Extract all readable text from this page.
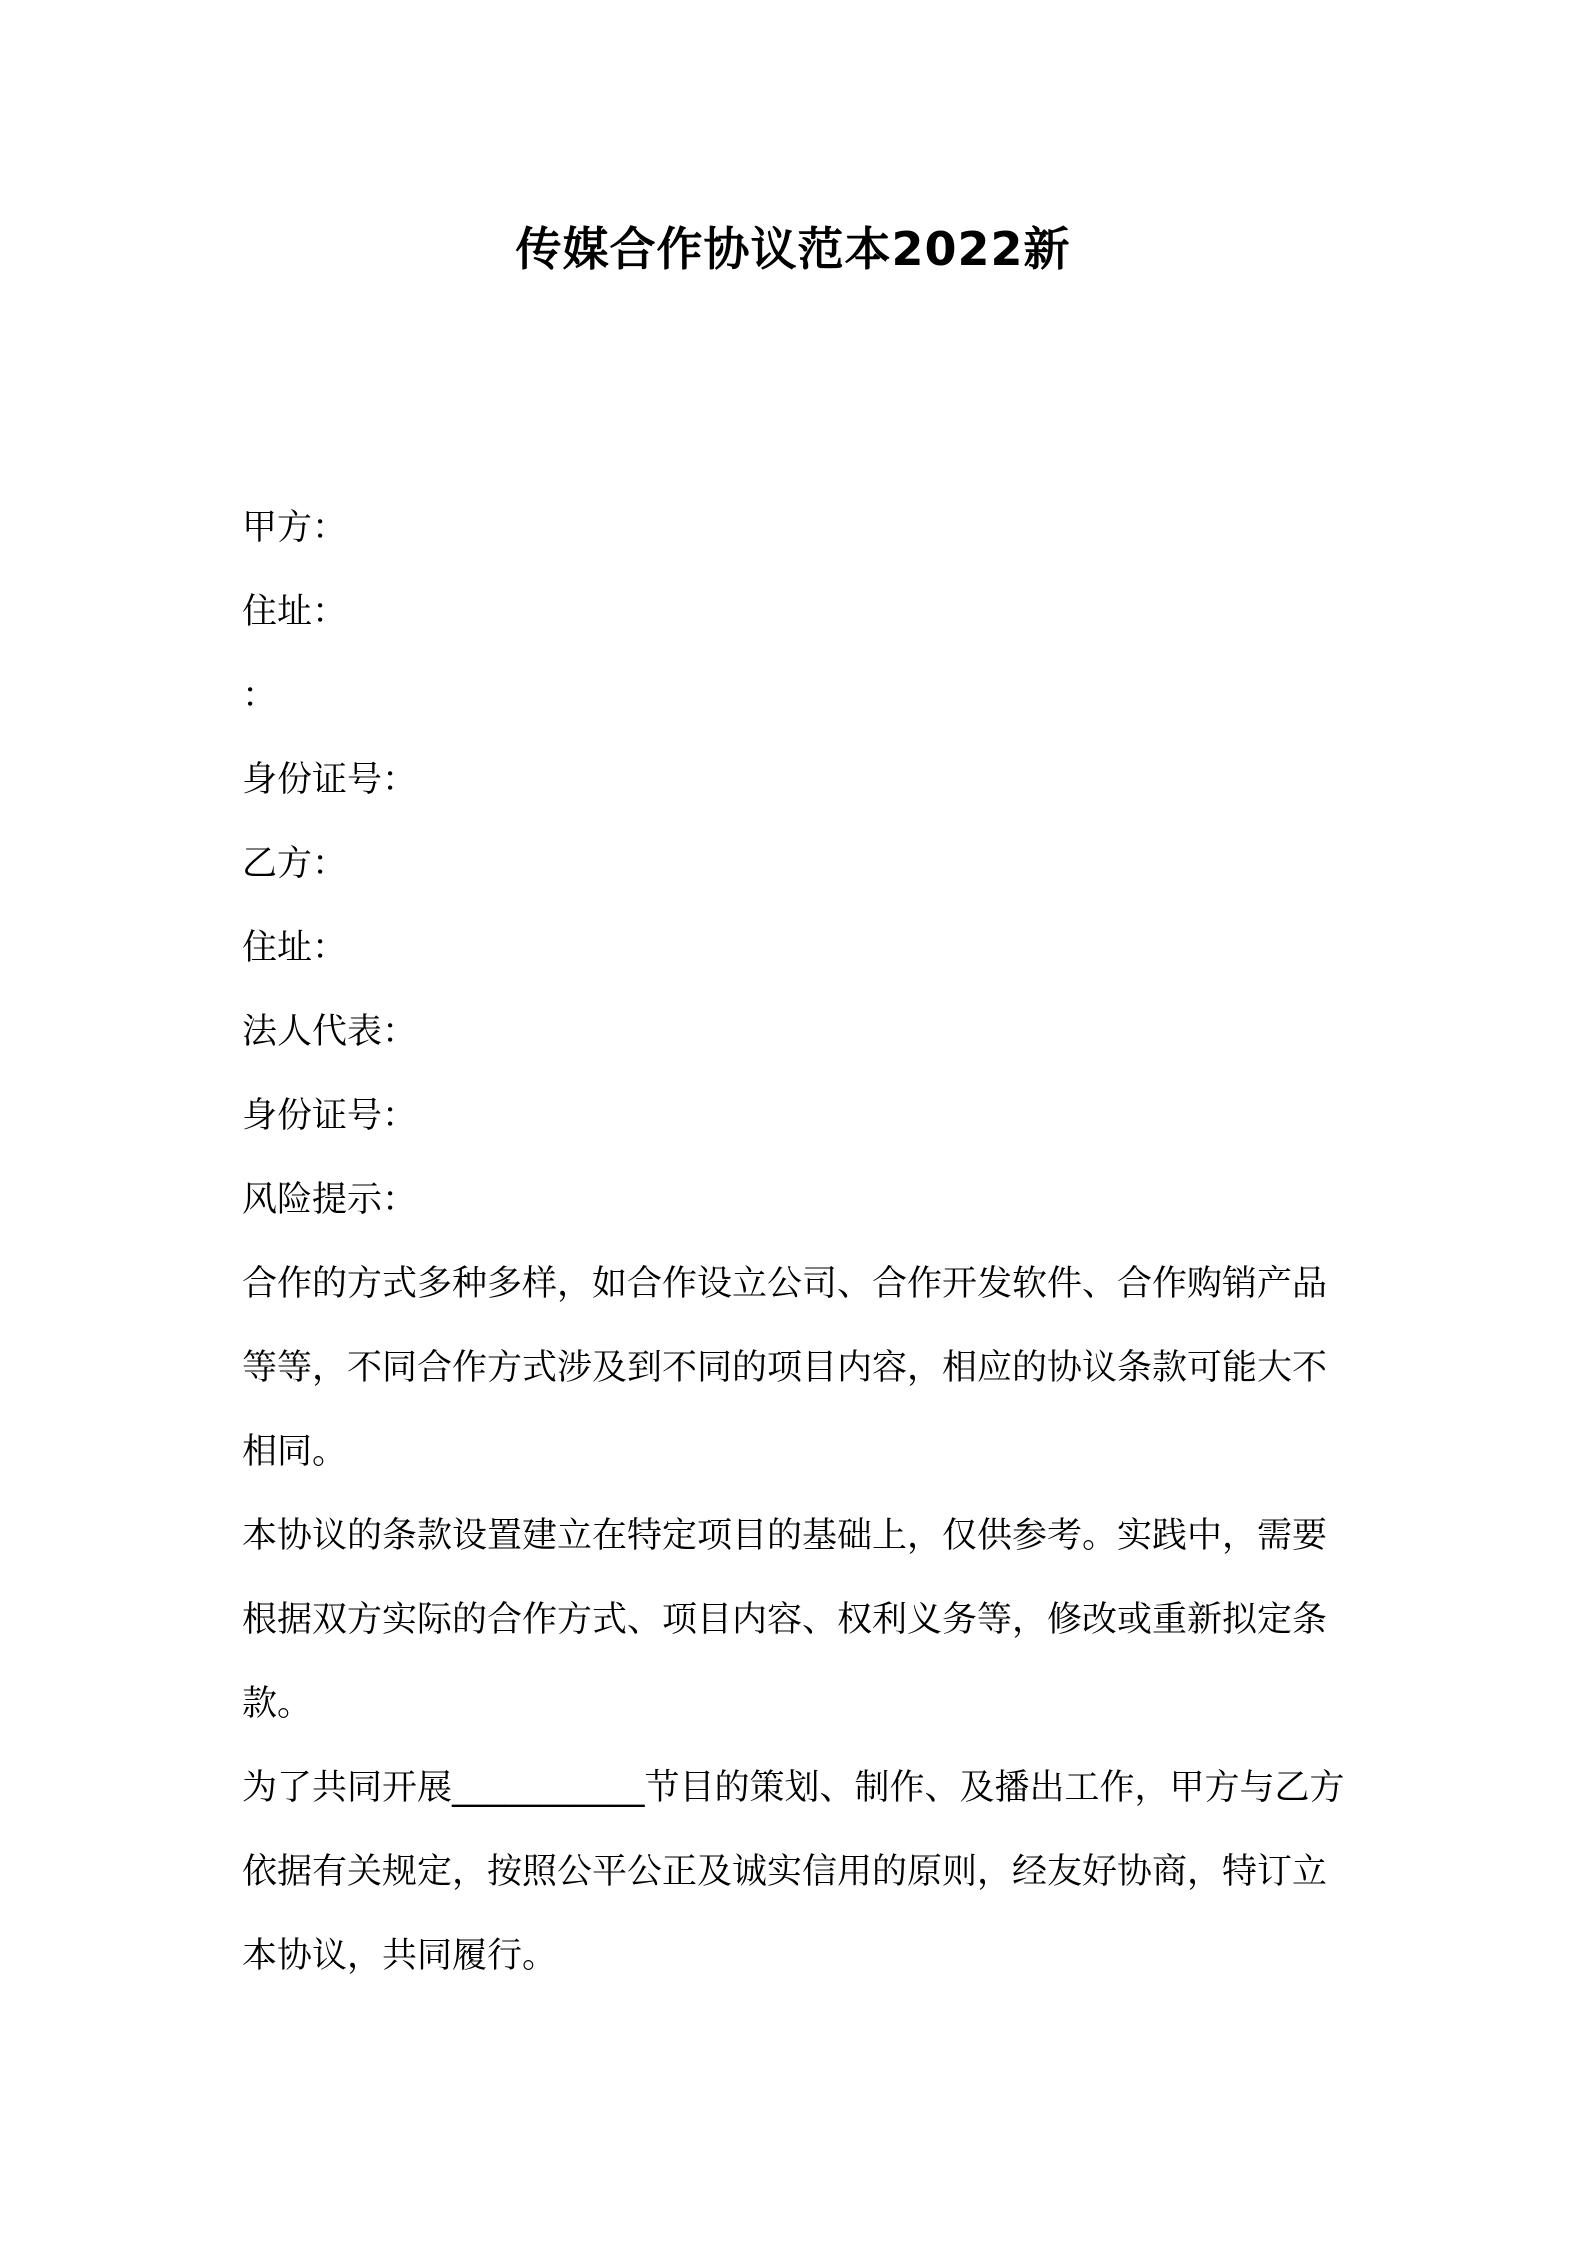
传媒合作协议范本2022新

甲方：

住址：

：

身份证号：

乙方：

住址：

法人代表：

身份证号：

风险提示：

合作的方式多种多样，如合作设立公司、合作开发软件、合作购销产品等等，不同合作方式涉及到不同的项目内容，相应的协议条款可能大不相同。

本协议的条款设置建立在特定项目的基础上，仅供参考。实践中，需要根据双方实际的合作方式、项目内容、权利义务等，修改或重新拟定条款。

为了共同开展___________节目的策划、制作、及播出工作，甲方与乙方依据有关规定，按照公平公正及诚实信用的原则，经友好协商，特订立本协议，共同履行。
